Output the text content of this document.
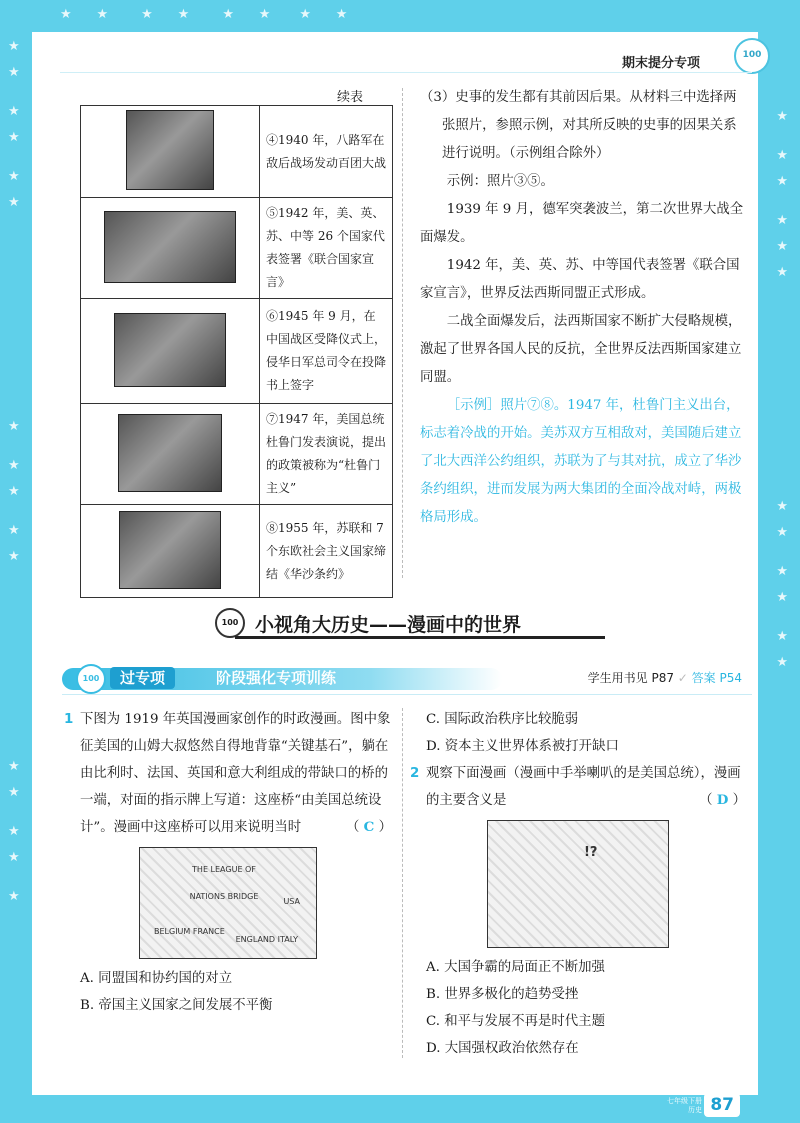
★

★

★

★

★

★
★

★

★

★

★
★

★

★

★

★
★

★

★

★

★

★
★

★

★

★

★

★
★      ★        ★      ★        ★      ★       ★      ★
期末提分专项
100
续表
	④1940 年，八路军在敌后战场发动百团大战
	⑤1942 年，美、英、苏、中等 26 个国家代表签署《联合国家宣言》
	⑥1945 年 9 月，在中国战区受降仪式上，侵华日军总司令在投降书上签字
	⑦1947 年，美国总统杜鲁门发表演说，提出的政策被称为“杜鲁门主义”
	⑧1955 年，苏联和 7 个东欧社会主义国家缔结《华沙条约》

（3）史事的发生都有其前因后果。从材料三中选择两张照片，参照示例，对其所反映的史事的因果关系进行说明。（示例组合除外）

示例：照片③⑤。

1939 年 9 月，德军突袭波兰，第二次世界大战全面爆发。

1942 年，美、英、苏、中等国代表签署《联合国家宣言》，世界反法西斯同盟正式形成。

二战全面爆发后，法西斯国家不断扩大侵略规模，激起了世界各国人民的反抗，全世界反法西斯国家建立同盟。

［示例］照片⑦⑧。1947 年，杜鲁门主义出台，标志着冷战的开始。美苏双方互相敌对，美国随后建立了北大西洋公约组织，苏联为了与其对抗，成立了华沙条约组织，进而发展为两大集团的全面冷战对峙，两极格局形成。

100 小视角大历史——漫画中的世界
100	过专项	阶段强化专项训练	学生用书见 P87 ✓ 答案 P54

1 下图为 1919 年英国漫画家创作的时政漫画。图中象征美国的山姆大叔悠然自得地背靠“关键基石”，躺在由比利时、法国、英国和意大利组成的带缺口的桥的一端，对面的指示牌上写道：这座桥“由美国总统设计”。漫画中这座桥可以用来说明当时	（ C ）

THE LEAGUE OF NATIONS BRIDGE
USA
BELGIUM FRANCE
ENGLAND ITALY

A. 同盟国和协约国的对立

B. 帝国主义国家之间发展不平衡

C. 国际政治秩序比较脆弱

D. 资本主义世界体系被打开缺口

2 观察下面漫画（漫画中手举喇叭的是美国总统），漫画的主要含义是	（ D ）

!?

A. 大国争霸的局面正不断加强

B. 世界多极化的趋势受挫

C. 和平与发展不再是时代主题

D. 大国强权政治依然存在

七年级下册
历史 87
